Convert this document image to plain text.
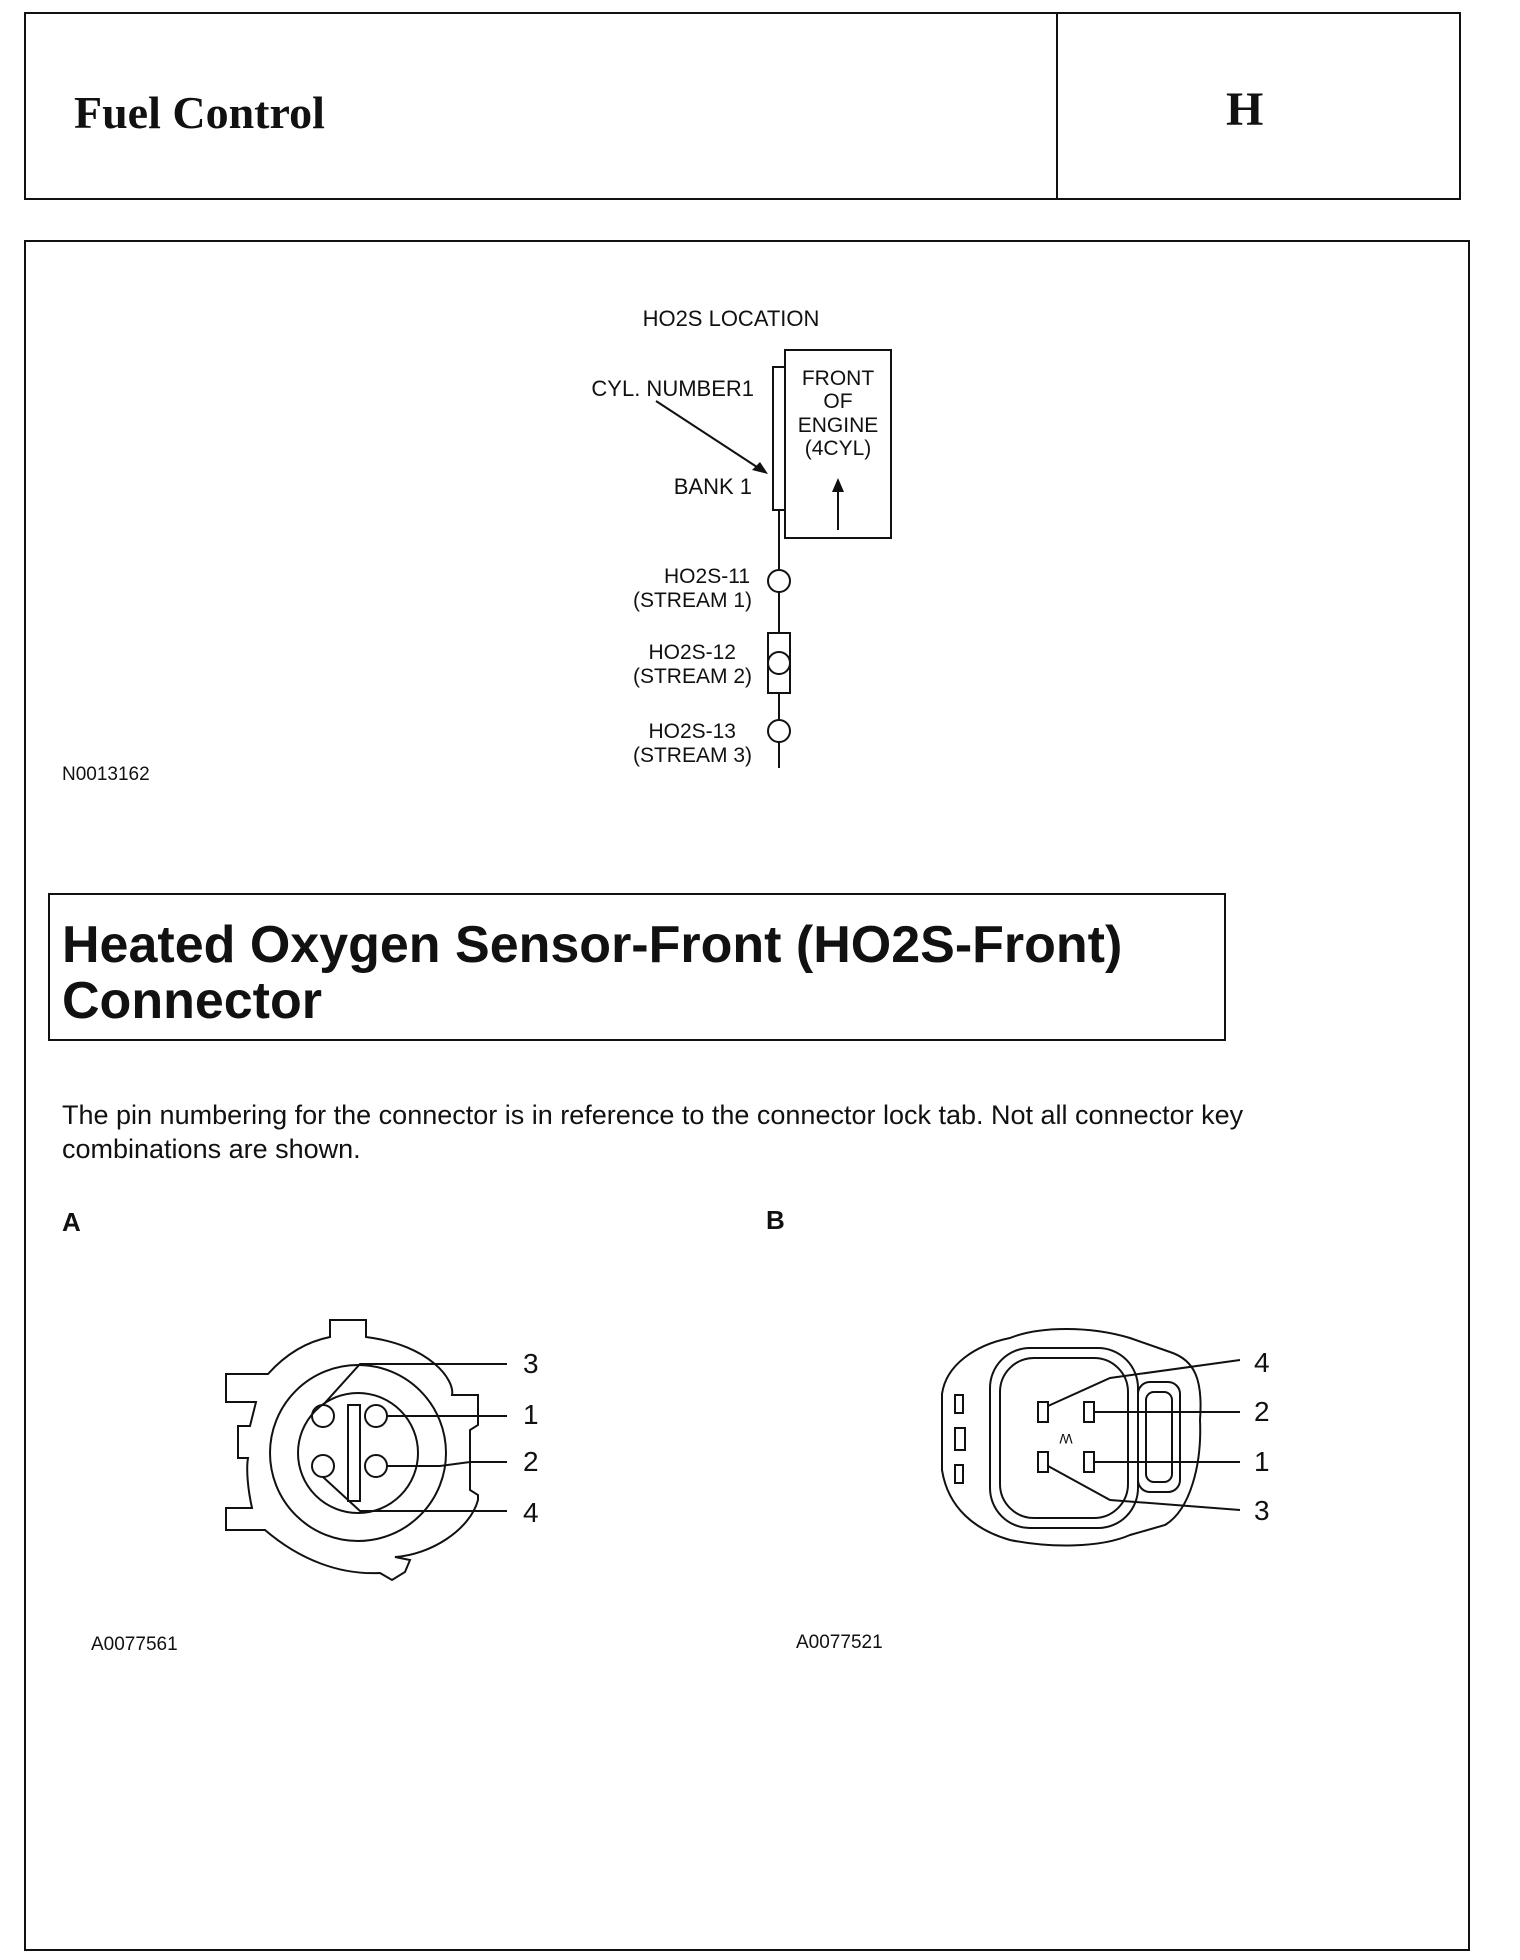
Fuel Control	H
HO2S LOCATION
FRONT
OF
ENGINE
(4CYL)
CYL. NUMBER1
BANK 1
HO2S-11
(STREAM 1)
HO2S-12
(STREAM 2)
HO2S-13
(STREAM 3)
3
1
2
4
W
4
2
1
3
N0013162
Heated Oxygen Sensor-Front (HO2S-Front)
Connector
The pin numbering for the connector is in reference to the connector lock tab. Not all connector key combinations are shown.
A	B
A0077561	A0077521
